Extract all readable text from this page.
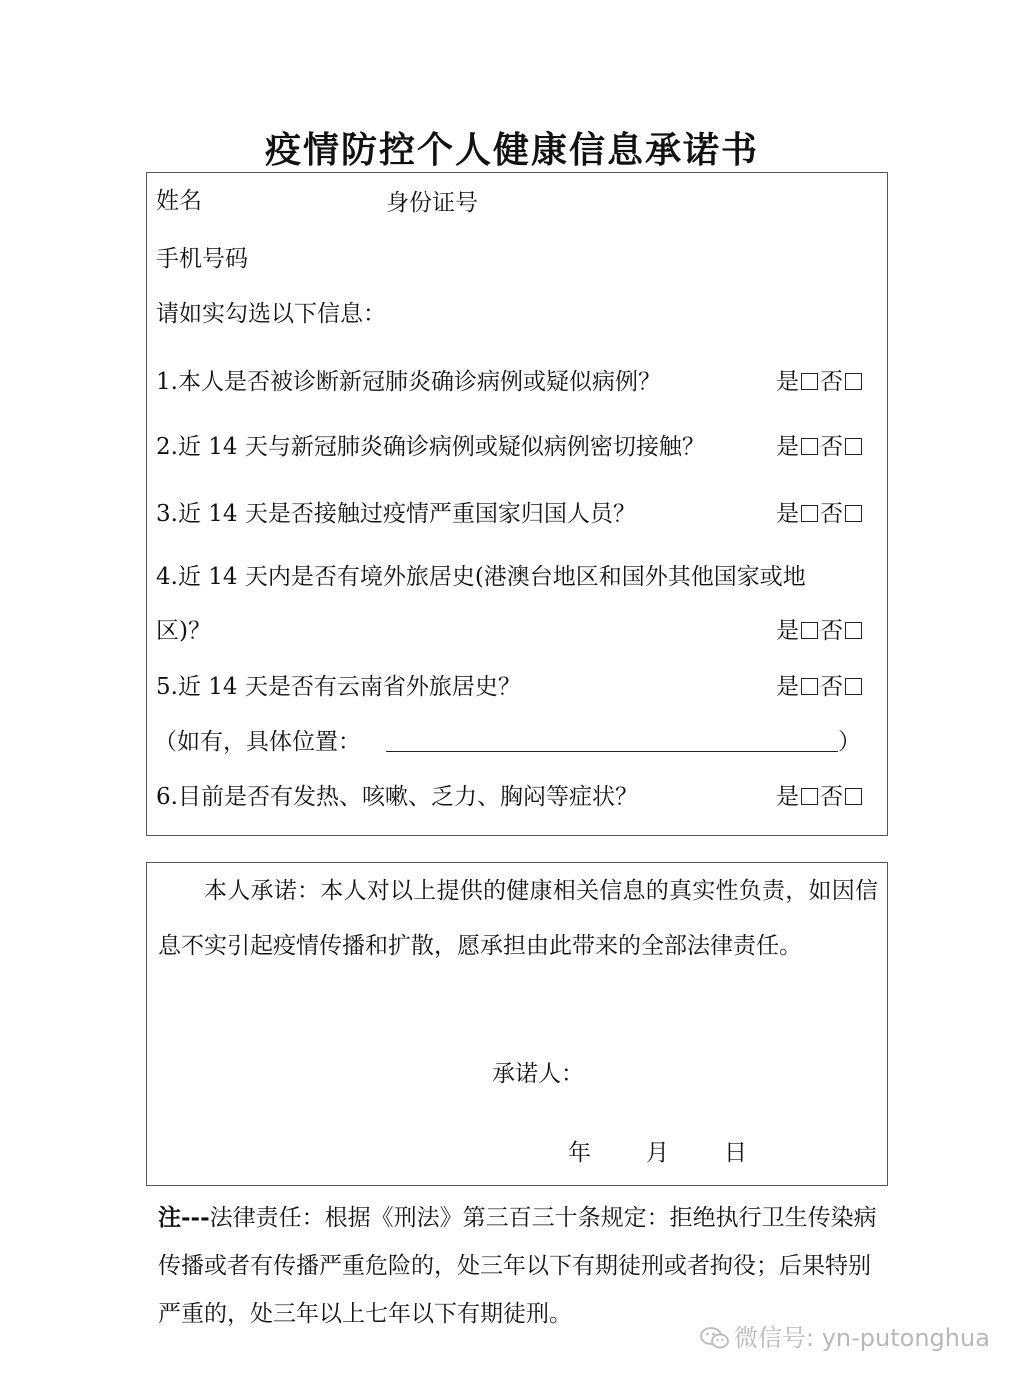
疫情防控个人健康信息承诺书
姓名	身份证号
手机号码
请如实勾选以下信息：
1.本人是否被诊断新冠肺炎确诊病例或疑似病例？	是 否
2.近 14 天与新冠肺炎确诊病例或疑似病例密切接触？	是 否
3.近 14 天是否接触过疫情严重国家归国人员？	是 否
4.近 14 天内是否有境外旅居史(港澳台地区和国外其他国家或地
区)？	是 否
5.近 14 天是否有云南省外旅居史？	是 否
（如有，具体位置：	）
6.目前是否有发热、咳嗽、乏力、胸闷等症状？	是 否
本人承诺：本人对以上提供的健康相关信息的真实性负责，如因信息不实引起疫情传播和扩散，愿承担由此带来的全部法律责任。
承诺人：
年 月 日
注---法律责任：根据《刑法》第三百三十条规定：拒绝执行卫生传染病传播或者有传播严重危险的，处三年以下有期徒刑或者拘役；后果特别严重的，处三年以上七年以下有期徒刑。
微信号: yn-putonghua
